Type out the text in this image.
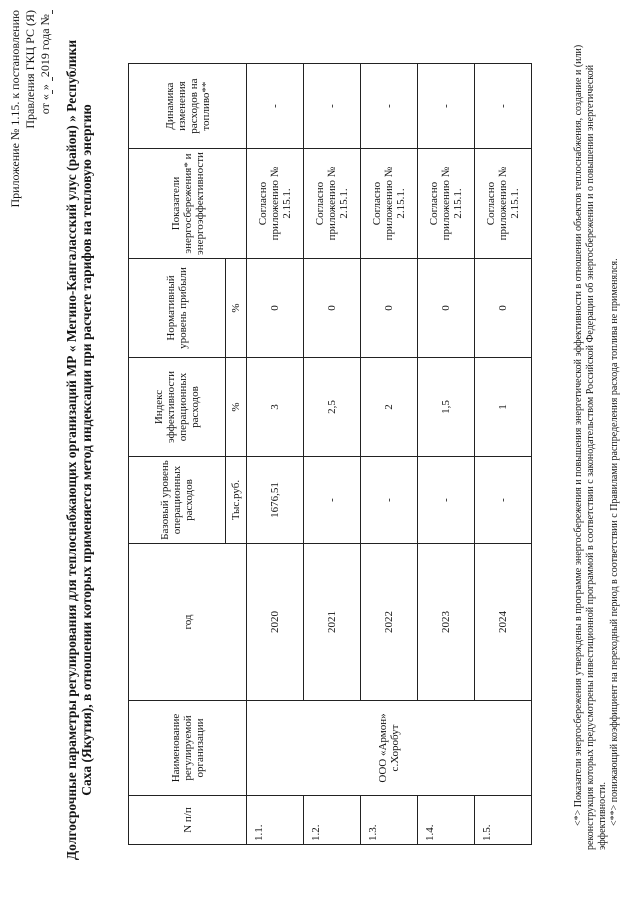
Приложение № 1.15. к постановлению Правления ГКЦ РС (Я) от «» 2019 года № Долгосрочные параметры регулирования для теплоснабжающих организаций МР « Мегино-Кангаласский улус (район) » Республики Саха (Якутия), в отношении которых применяется метод индексации при расчете тарифов на тепловую энергию
N п/п	Наименование регулируемой организации	год	Базовый уровень операционных расходов	Индекс эффективности операционных расходов	Нормативный уровень прибыли	Показатели энергосбережения* и энергоэффективности	Динамика изменения расходов на топливо**
			Тыс.руб.	%	%		
1.1.	ООО «Армон» с.Хоробут	2020	1676,51	3	0	Согласно приложению № 2.15.1.	-
1.2.		2021	-	2,5	0	Согласно приложению № 2.15.1.	-
1.3.		2022	-	2	0	Согласно приложению № 2.15.1.	-
1.4.		2023	-	1,5	0	Согласно приложению № 2.15.1.	-
1.5.		2024	-	1	0	Согласно приложению № 2.15.1.	-	<*> Показатели энергосбережения утверждены в программе энергосбережения и повышения энергетической эффективности в отношении объектов теплоснабжения, создание и (или) реконструкция которых предусмотрены инвестиционной программой в соответствии с законодательством Российской Федерации об энергосбережении и о повышении энергетической эффективности. <**> понижающий коэффициент на переходный период в соответствии с Правилами распределения расхода топлива не применялся.
